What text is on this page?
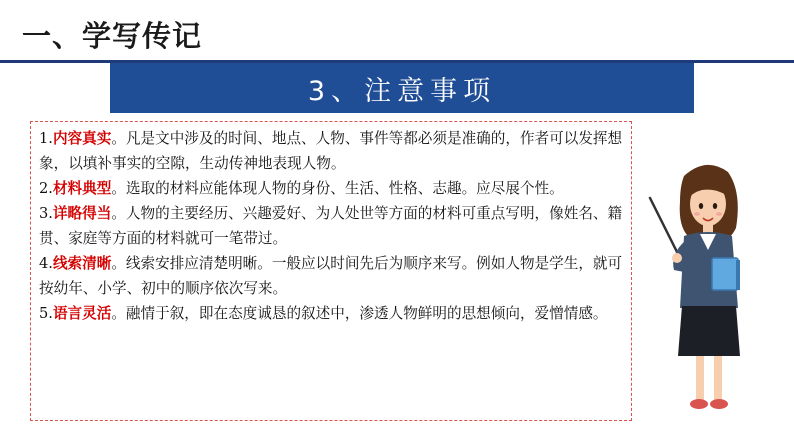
一、学写传记
3、注意事项

1.内容真实。凡是文中涉及的时间、地点、人物、事件等都必须是准确的，作者可以发挥想象，以填补事实的空隙，生动传神地表现人物。

2.材料典型。选取的材料应能体现人物的身份、生活、性格、志趣。应尽展个性。

3.详略得当。人物的主要经历、兴趣爱好、为人处世等方面的材料可重点写明，像姓名、籍贯、家庭等方面的材料就可一笔带过。

4.线索清晰。线索安排应清楚明晰。一般应以时间先后为顺序来写。例如人物是学生，就可按幼年、小学、初中的顺序依次写来。

5.语言灵活。融情于叙，即在态度诚恳的叙述中，渗透人物鲜明的思想倾向，爱憎情感。
